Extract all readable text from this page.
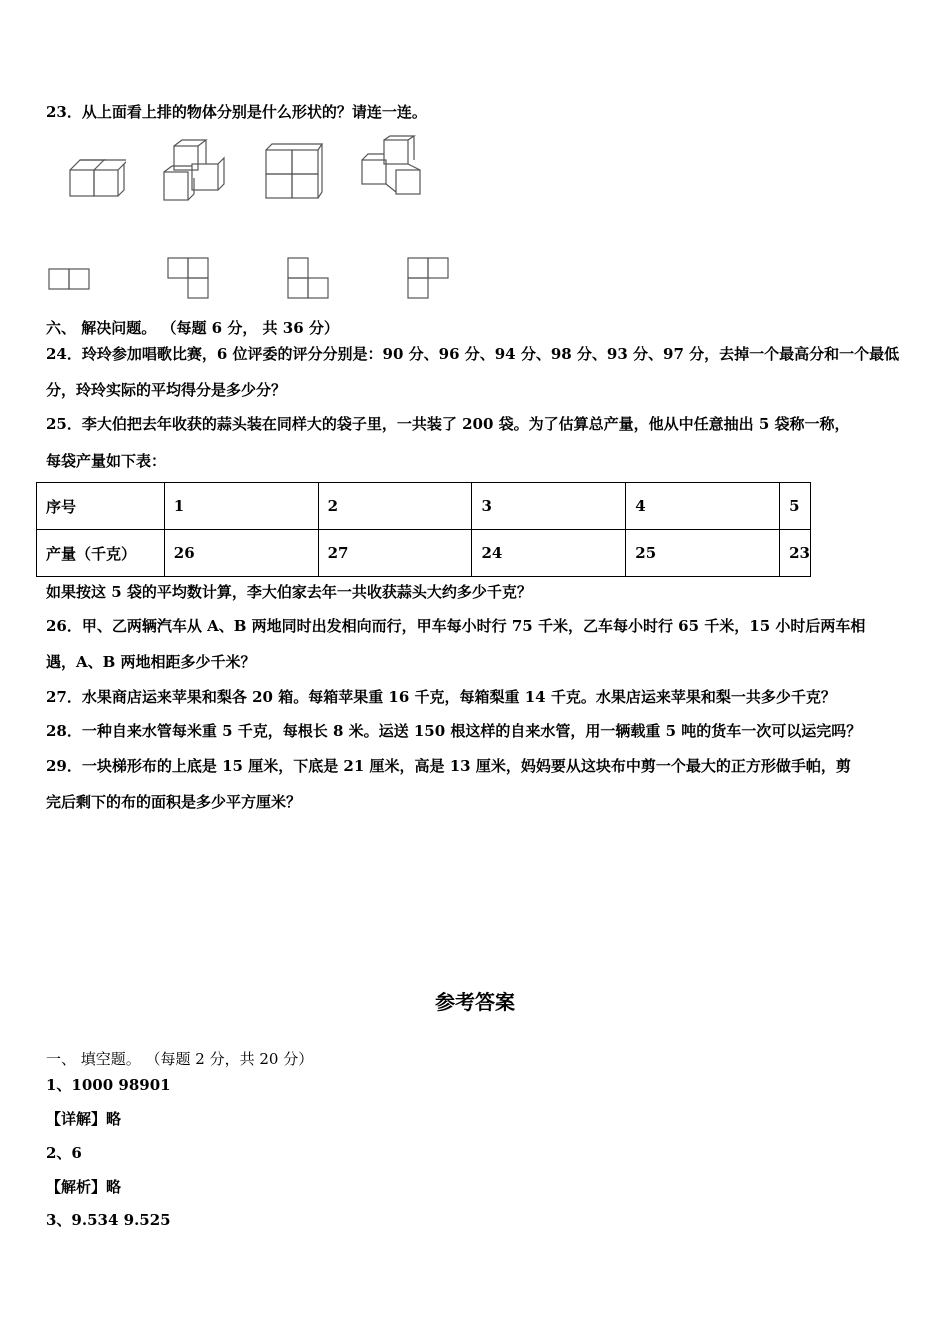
23．从上面看上排的物体分别是什么形状的？请连一连。
六、 解决问题。 （每题 6 分， 共 36 分）
24．玲玲参加唱歌比赛，6 位评委的评分分别是：90 分、96 分、94 分、98 分、93 分、97 分，去掉一个最高分和一个最低
分，玲玲实际的平均得分是多少分？
25．李大伯把去年收获的蒜头装在同样大的袋子里，一共装了 200 袋。为了估算总产量，他从中任意抽出 5 袋称一称，
每袋产量如下表：
序号	1	2	3	4	5
产量（千克）	26	27	24	25	23
如果按这 5 袋的平均数计算，李大伯家去年一共收获蒜头大约多少千克？
26．甲、乙两辆汽车从 A、B 两地同时出发相向而行，甲车每小时行 75 千米，乙车每小时行 65 千米，15 小时后两车相
遇，A、B 两地相距多少千米？
27．水果商店运来苹果和梨各 20 箱。每箱苹果重 16 千克，每箱梨重 14 千克。水果店运来苹果和梨一共多少千克？
28．一种自来水管每米重 5 千克，每根长 8 米。运送 150 根这样的自来水管，用一辆载重 5 吨的货车一次可以运完吗？
29．一块梯形布的上底是 15 厘米，下底是 21 厘米，高是 13 厘米，妈妈要从这块布中剪一个最大的正方形做手帕，剪
完后剩下的布的面积是多少平方厘米？
参考答案
一、 填空题。 （每题 2 分，共 20 分）
1、1000 98901
【详解】略
2、6
【解析】略
3、9.534 9.525
